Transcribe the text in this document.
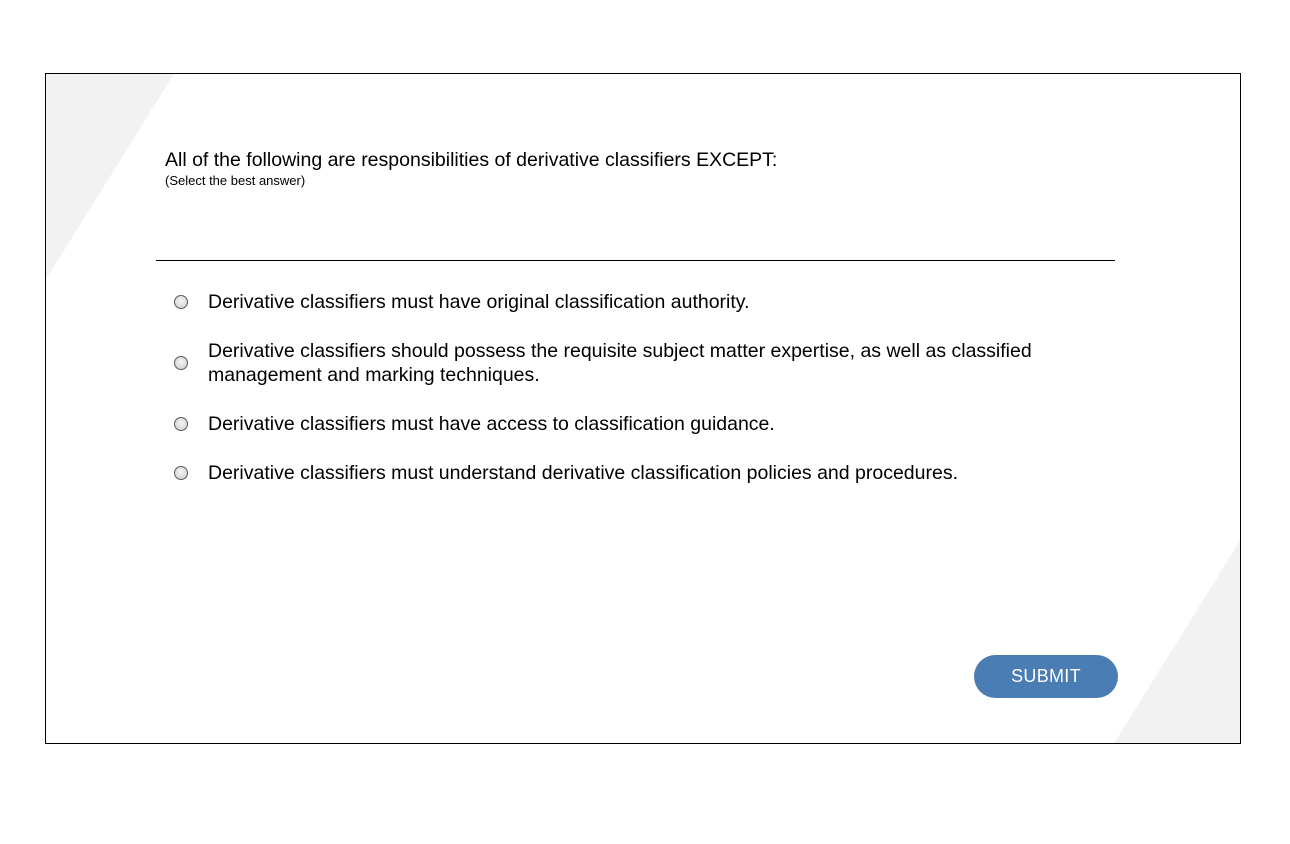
All of the following are responsibilities of derivative classifiers EXCEPT:
(Select the best answer)
Derivative classifiers must have original classification authority.
Derivative classifiers should possess the requisite subject matter expertise, as well as classified management and marking techniques.
Derivative classifiers must have access to classification guidance.
Derivative classifiers must understand derivative classification policies and procedures.
SUBMIT
